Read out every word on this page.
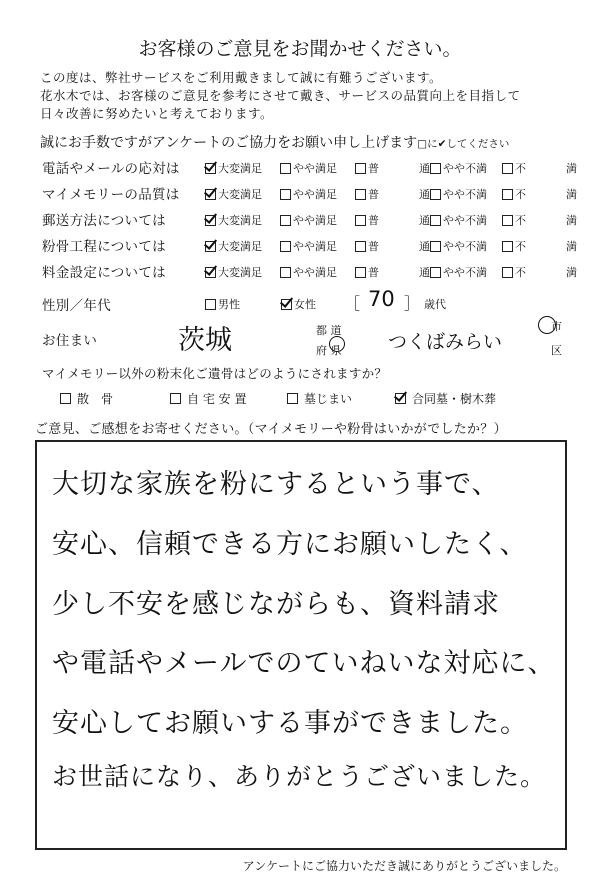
お客様のご意見をお聞かせください。
この度は、弊社サービスをご利用戴きまして誠に有難うございます。
花水木では、お客様のご意見を参考にさせて戴き、サービスの品質向上を目指して
日々改善に努めたいと考えております。
誠にお手数ですがアンケートのご協力をお願い申し上げます□に✔してください
電話やメールの応対は	大変満足	やや満足	普　　通 やや不満	不　　満
マイメモリーの品質は	大変満足	やや満足	普　　通 やや不満	不　　満
郵送方法については	大変満足	やや満足	普　　通 やや不満	不　　満
粉骨工程については	大変満足	やや満足	普　　通 やや不満	不　　満
料金設定については	大変満足	やや満足	普　　通 やや不満	不　　満
性別／年代	男性	女性 ［ 70 ］ 歳代
お住まい	茨城	都 道
府 県 つくばみらい
市
区
マイメモリー以外の粉末化ご遺骨はどのようにされますか？
散　骨	自 宅 安 置	墓じまい	合同墓・樹木葬
ご意見、ご感想をお寄せください。（マイメモリーや粉骨はいかがでしたか？）
大切な家族を粉にするという事で、
安心、信頼できる方にお願いしたく、
少し不安を感じながらも、資料請求
や電話やメールでのていねいな対応に、
安心してお願いする事ができました。
お世話になり、ありがとうございました。
アンケートにご協力いただき誠にありがとうございました。
